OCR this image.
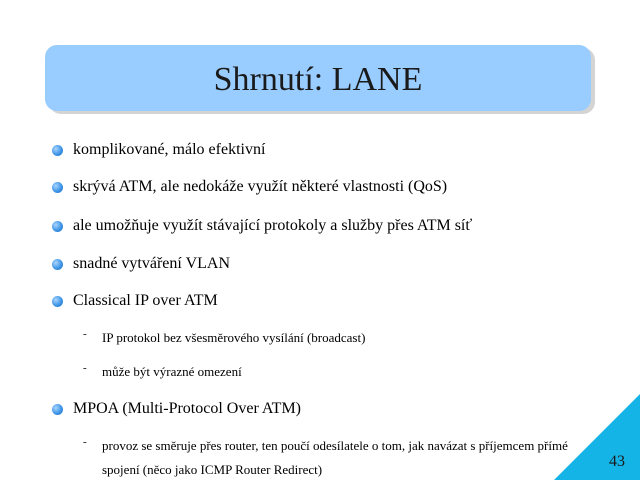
Shrnutí: LANE
komplikované, málo efektivní
skrývá ATM, ale nedokáže využít některé vlastnosti (QoS)
ale umožňuje využít stávající protokoly a služby přes ATM síť
snadné vytváření VLAN
Classical IP over ATM
-	IP protokol bez všesměrového vysílání (broadcast)
-	může být výrazné omezení
MPOA (Multi-Protocol Over ATM)
-	provoz se směruje přes router, ten poučí odesílatele o tom, jak navázat s příjemcem přímé spojení (něco jako ICMP Router Redirect)	43
